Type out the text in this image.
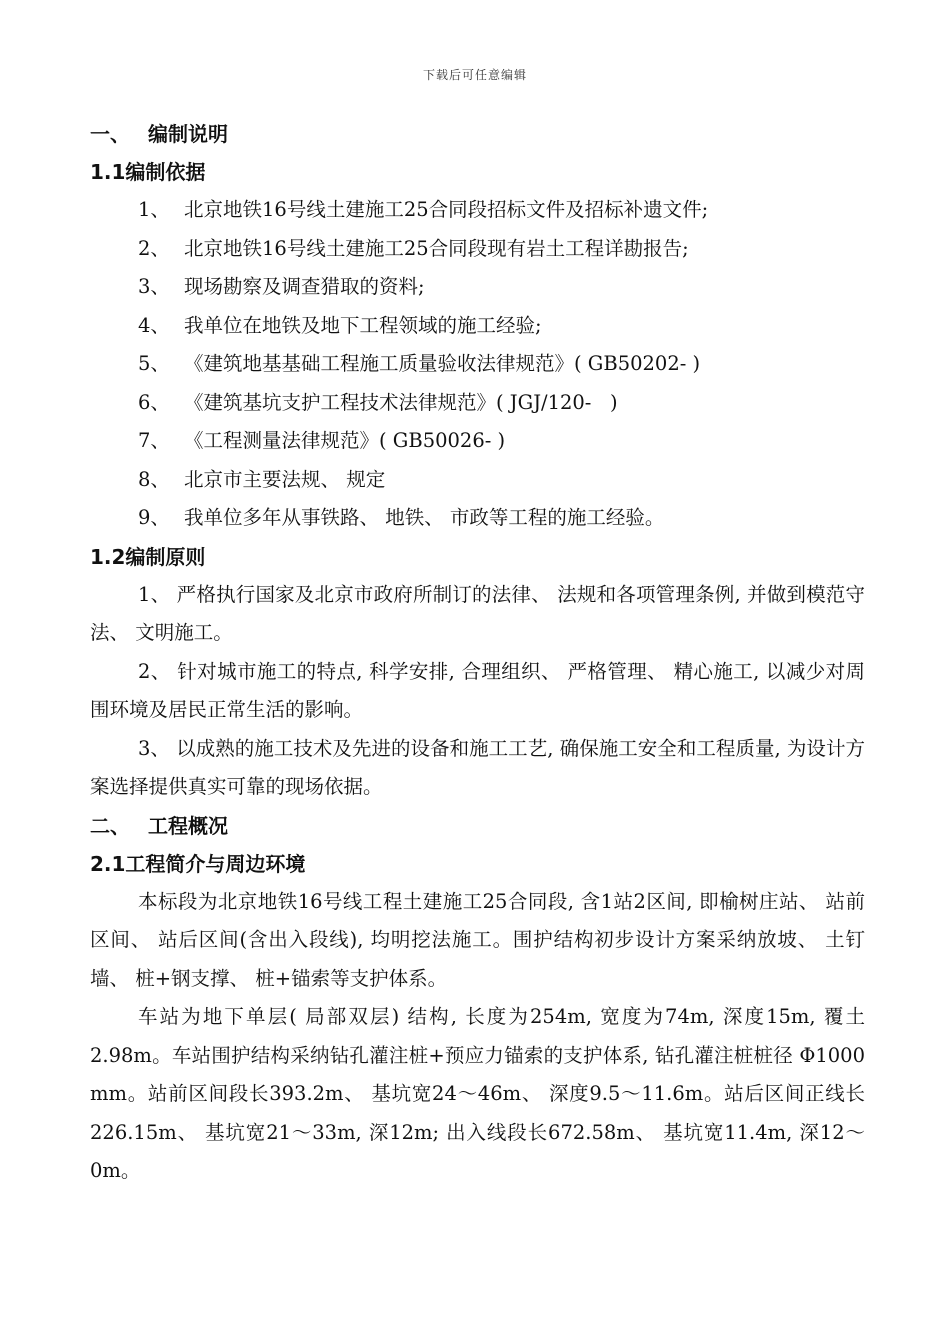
下载后可任意编辑
一、 编制说明
1.1编制依据
1、 北京地铁16号线土建施工25合同段招标文件及招标补遗文件;
2、 北京地铁16号线土建施工25合同段现有岩土工程详勘报告;
3、 现场勘察及调查猎取的资料;
4、 我单位在地铁及地下工程领域的施工经验;
5、 《建筑地基基础工程施工质量验收法律规范》( GB50202- )
6、 《建筑基坑支护工程技术法律规范》( JGJ/120-   )
7、 《工程测量法律规范》( GB50026- )
8、 北京市主要法规、 规定
9、 我单位多年从事铁路、 地铁、 市政等工程的施工经验。
1.2编制原则

1、 严格执行国家及北京市政府所制订的法律、 法规和各项管理条例, 并做到模范守法、 文明施工。

2、 针对城市施工的特点, 科学安排, 合理组织、 严格管理、 精心施工, 以减少对周围环境及居民正常生活的影响。

3、 以成熟的施工技术及先进的设备和施工工艺, 确保施工安全和工程质量, 为设计方案选择提供真实可靠的现场依据。

二、 工程概况
2.1工程简介与周边环境

本标段为北京地铁16号线工程土建施工25合同段, 含1站2区间, 即榆树庄站、 站前区间、 站后区间(含出入段线), 均明挖法施工。围护结构初步设计方案采纳放坡、 土钉墙、 桩+钢支撑、 桩+锚索等支护体系。

车站为地下单层( 局部双层) 结构, 长度为254m, 宽度为74m, 深度15m, 覆土2.98m。车站围护结构采纳钻孔灌注桩+预应力锚索的支护体系, 钻孔灌注桩桩径 Φ1000 mm。站前区间段长393.2m、 基坑宽24～46m、 深度9.5～11.6m。站后区间正线长226.15m、 基坑宽21～33m, 深12m; 出入线段长672.58m、 基坑宽11.4m, 深12～0m。
